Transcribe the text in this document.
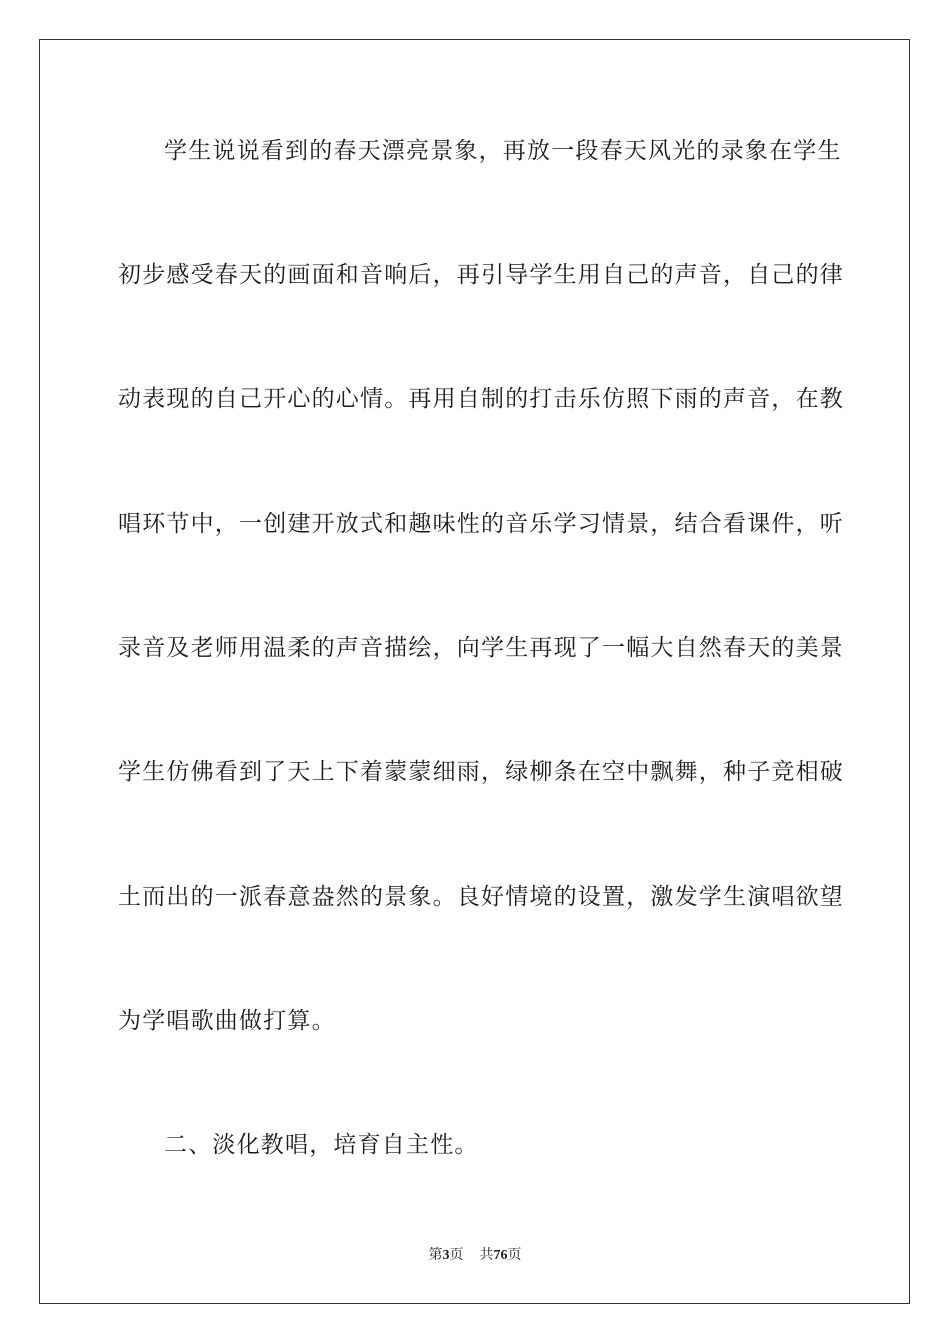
学生说说看到的春天漂亮景象，再放一段春天风光的录象在学生
初步感受春天的画面和音响后，再引导学生用自己的声音，自己的律
动表现的自己开心的心情。再用自制的打击乐仿照下雨的声音，在教
唱环节中，一创建开放式和趣味性的音乐学习情景，结合看课件，听
录音及老师用温柔的声音描绘，向学生再现了一幅大自然春天的美景
学生仿佛看到了天上下着蒙蒙细雨，绿柳条在空中飘舞，种子竞相破
土而出的一派春意盎然的景象。良好情境的设置，激发学生演唱欲望
为学唱歌曲做打算。
二、淡化教唱，培育自主性。
第3页 共76页
